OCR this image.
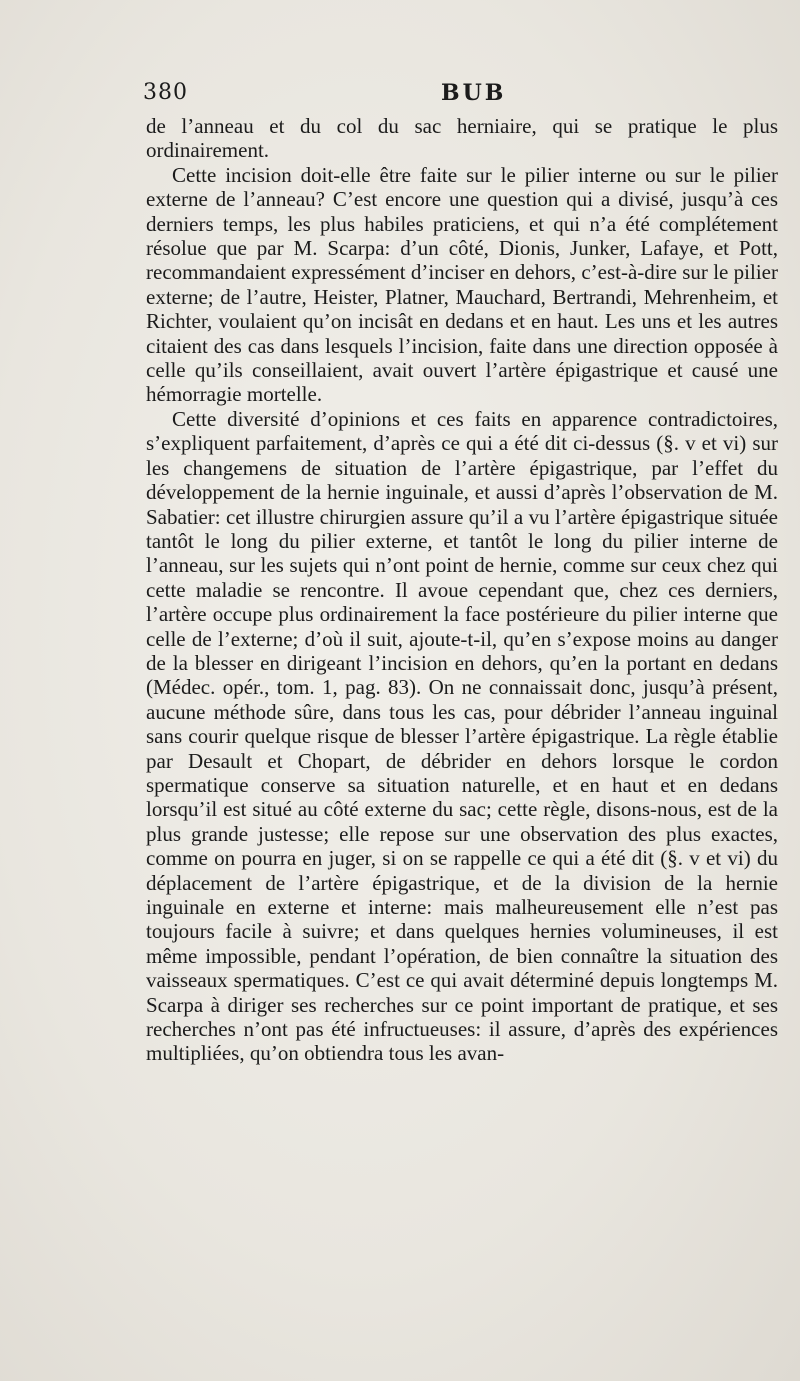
380	BUB

de l’anneau et du col du sac herniaire, qui se pratique le plus ordinairement.

Cette incision doit-elle être faite sur le pilier interne ou sur le pilier externe de l’anneau? C’est encore une question qui a divisé, jusqu’à ces derniers temps, les plus habiles praticiens, et qui n’a été complétement résolue que par M. Scarpa: d’un côté, Dionis, Junker, Lafaye, et Pott, recommandaient expressément d’inciser en dehors, c’est-à-dire sur le pilier externe; de l’autre, Heister, Platner, Mauchard, Bertrandi, Mehrenheim, et Richter, voulaient qu’on incisât en dedans et en haut. Les uns et les autres citaient des cas dans lesquels l’incision, faite dans une direction opposée à celle qu’ils conseillaient, avait ouvert l’artère épigastrique et causé une hémorragie mortelle.

Cette diversité d’opinions et ces faits en apparence contradictoires, s’expliquent parfaitement, d’après ce qui a été dit ci-dessus (§. v et vi) sur les changemens de situation de l’artère épigastrique, par l’effet du développement de la hernie inguinale, et aussi d’après l’observation de M. Sabatier: cet illustre chirurgien assure qu’il a vu l’artère épigastrique située tantôt le long du pilier externe, et tantôt le long du pilier interne de l’anneau, sur les sujets qui n’ont point de hernie, comme sur ceux chez qui cette maladie se rencontre. Il avoue cependant que, chez ces derniers, l’artère occupe plus ordinairement la face postérieure du pilier interne que celle de l’externe; d’où il suit, ajoute-t-il, qu’en s’expose moins au danger de la blesser en dirigeant l’incision en dehors, qu’en la portant en dedans (Médec. opér., tom. 1, pag. 83). On ne connaissait donc, jusqu’à présent, aucune méthode sûre, dans tous les cas, pour débrider l’anneau inguinal sans courir quelque risque de blesser l’artère épigastrique. La règle établie par Desault et Chopart, de débrider en dehors lorsque le cordon spermatique conserve sa situation naturelle, et en haut et en dedans lorsqu’il est situé au côté externe du sac; cette règle, disons-nous, est de la plus grande justesse; elle repose sur une observation des plus exactes, comme on pourra en juger, si on se rappelle ce qui a été dit (§. v et vi) du déplacement de l’artère épigastrique, et de la division de la hernie inguinale en externe et interne: mais malheureusement elle n’est pas toujours facile à suivre; et dans quelques hernies volumineuses, il est même impossible, pendant l’opération, de bien connaître la situation des vaisseaux spermatiques. C’est ce qui avait déterminé depuis longtemps M. Scarpa à diriger ses recherches sur ce point important de pratique, et ses recherches n’ont pas été infructueuses: il assure, d’après des expériences multipliées, qu’on obtiendra tous les avan-
